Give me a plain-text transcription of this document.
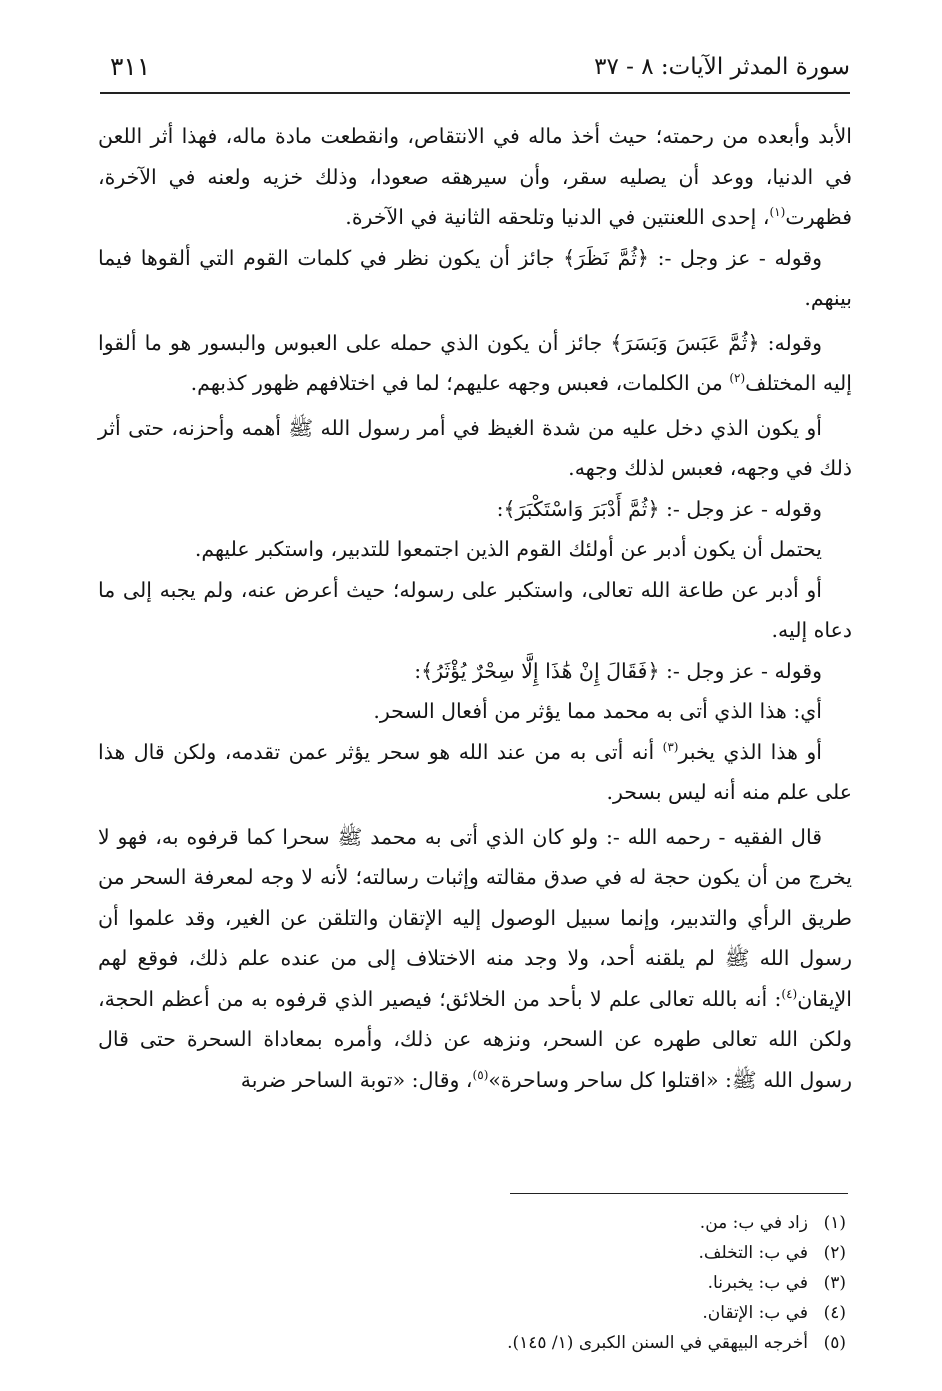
٣١١	سورة المدثر الآيات: ٨ - ٣٧

الأبد وأبعده من رحمته؛ حيث أخذ ماله في الانتقاص، وانقطعت مادة ماله، فهذا أثر اللعن في الدنيا، ووعد أن يصليه سقر، وأن سيرهقه صعودا، وذلك خزيه ولعنه في الآخرة، فظهرت$^{(١)}$، إحدى اللعنتين في الدنيا وتلحقه الثانية في الآخرة.

وقوله - عز وجل -: ﴿ثُمَّ نَظَرَ﴾ جائز أن يكون نظر في كلمات القوم التي ألقوها فيما بينهم.

وقوله: ﴿ثُمَّ عَبَسَ وَبَسَرَ﴾ جائز أن يكون الذي حمله على العبوس والبسور هو ما ألقوا إليه المختلف$^{(٢)}$ من الكلمات، فعبس وجهه عليهم؛ لما في اختلافهم ظهور كذبهم.

أو يكون الذي دخل عليه من شدة الغيظ في أمر رسول الله ﷺ أهمه وأحزنه، حتى أثر ذلك في وجهه، فعبس لذلك وجهه.

وقوله - عز وجل -: ﴿ثُمَّ أَدْبَرَ وَاسْتَكْبَرَ﴾:

يحتمل أن يكون أدبر عن أولئك القوم الذين اجتمعوا للتدبير، واستكبر عليهم.

أو أدبر عن طاعة الله تعالى، واستكبر على رسوله؛ حيث أعرض عنه، ولم يجبه إلى ما دعاه إليه.

وقوله - عز وجل -: ﴿فَقَالَ إِنْ هَٰذَا إِلَّا سِحْرٌ يُؤْثَرُ﴾:

أي: هذا الذي أتى به محمد مما يؤثر من أفعال السحر.

أو هذا الذي يخبر$^{(٣)}$ أنه أتى به من عند الله هو سحر يؤثر عمن تقدمه، ولكن قال هذا على علم منه أنه ليس بسحر.

قال الفقيه - رحمه الله -: ولو كان الذي أتى به محمد ﷺ سحرا كما قرفوه به، فهو لا يخرج من أن يكون حجة له في صدق مقالته وإثبات رسالته؛ لأنه لا وجه لمعرفة السحر من طريق الرأي والتدبير، وإنما سبيل الوصول إليه الإتقان والتلقن عن الغير، وقد علموا أن رسول الله ﷺ لم يلقنه أحد، ولا وجد منه الاختلاف إلى من عنده علم ذلك، فوقع لهم الإيقان$^{(٤)}$: أنه بالله تعالى علم لا بأحد من الخلائق؛ فيصير الذي قرفوه به من أعظم الحجة، ولكن الله تعالى طهره عن السحر، ونزهه عن ذلك، وأمره بمعاداة السحرة حتى قال رسول الله ﷺ: «اقتلوا كل ساحر وساحرة»$^{(٥)}$، وقال: «توبة الساحر ضربة

(١)زاد في ب: من.
(٢)في ب: التخلف.
(٣)في ب: يخبرنا.
(٤)في ب: الإتقان.
(٥)أخرجه البيهقي في السنن الكبرى (١/ ١٤٥).
